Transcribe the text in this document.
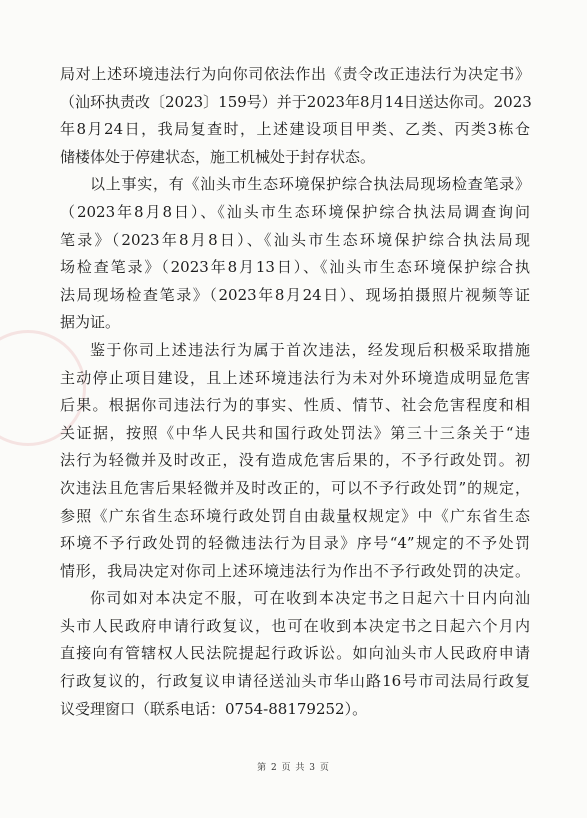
局对上述环境违法行为向你司依法作出《责令改正违法行为决定书》
（汕环执责改〔2023〕159号）并于2023年8月14日送达你司。2023
年8月24日，我局复查时，上述建设项目甲类、乙类、丙类3栋仓
储楼体处于停建状态，施工机械处于封存状态。
以上事实，有《汕头市生态环境保护综合执法局现场检查笔录》
（2023年8月8日）、《汕头市生态环境保护综合执法局调查询问
笔录》（2023年8月8日）、《汕头市生态环境保护综合执法局现
场检查笔录》（2023年8月13日）、《汕头市生态环境保护综合执
法局现场检查笔录》（2023年8月24日）、现场拍摄照片视频等证
据为证。
鉴于你司上述违法行为属于首次违法，经发现后积极采取措施
主动停止项目建设，且上述环境违法行为未对外环境造成明显危害
后果。根据你司违法行为的事实、性质、情节、社会危害程度和相
关证据，按照《中华人民共和国行政处罚法》第三十三条关于“违
法行为轻微并及时改正，没有造成危害后果的，不予行政处罚。初
次违法且危害后果轻微并及时改正的，可以不予行政处罚”的规定，
参照《广东省生态环境行政处罚自由裁量权规定》中《广东省生态
环境不予行政处罚的轻微违法行为目录》序号“4”规定的不予处罚
情形，我局决定对你司上述环境违法行为作出不予行政处罚的决定。
你司如对本决定不服，可在收到本决定书之日起六十日内向汕
头市人民政府申请行政复议，也可在收到本决定书之日起六个月内
直接向有管辖权人民法院提起行政诉讼。如向汕头市人民政府申请
行政复议的，行政复议申请径送汕头市华山路16号市司法局行政复
议受理窗口（联系电话：0754-88179252）。
第 2 页 共 3 页
